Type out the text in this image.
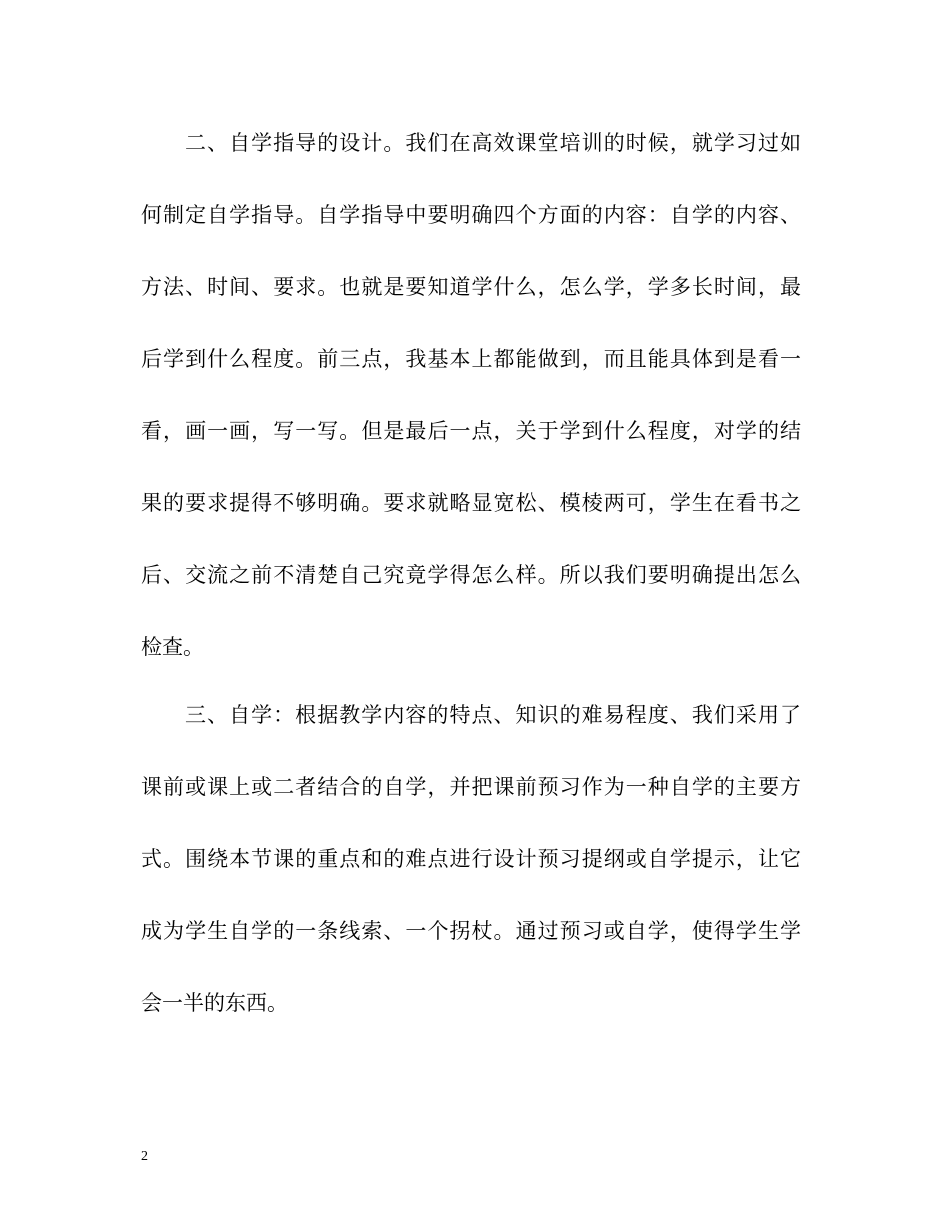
二、自学指导的设计。我们在高效课堂培训的时候，就学习过如
何制定自学指导。自学指导中要明确四个方面的内容：自学的内容、
方法、时间、要求。也就是要知道学什么，怎么学，学多长时间，最
后学到什么程度。前三点，我基本上都能做到，而且能具体到是看一
看，画一画，写一写。但是最后一点，关于学到什么程度，对学的结
果的要求提得不够明确。要求就略显宽松、模棱两可，学生在看书之
后、交流之前不清楚自己究竟学得怎么样。所以我们要明确提出怎么
检查。
三、自学：根据教学内容的特点、知识的难易程度、我们采用了
课前或课上或二者结合的自学，并把课前预习作为一种自学的主要方
式。围绕本节课的重点和的难点进行设计预习提纲或自学提示，让它
成为学生自学的一条线索、一个拐杖。通过预习或自学，使得学生学
会一半的东西。
2
